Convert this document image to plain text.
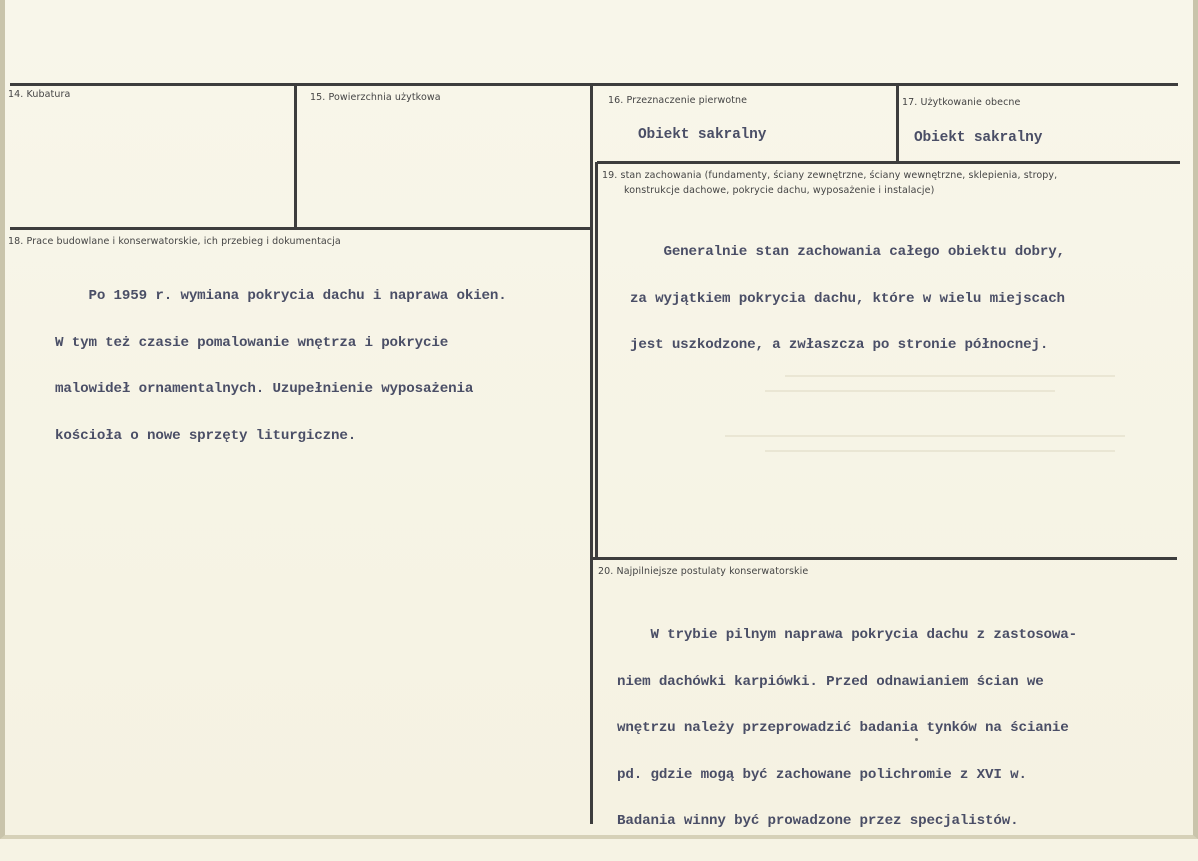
14. Kubatura	15. Powierzchnia użytkowa	16. Przeznaczenie pierwotne
Obiekt sakralny
17. Użytkowanie obecne
Obiekt sakralny
18. Prace budowlane i konserwatorskie, ich przebieg i dokumentacja

Po 1959 r. wymiana pokrycia dachu i naprawa okien.

W tym też czasie pomalowanie wnętrza i pokrycie

malowideł ornamentalnych. Uzupełnienie wyposażenia

kościoła o nowe sprzęty liturgiczne.

19. stan zachowania (fundamenty, ściany zewnętrzne, ściany wewnętrzne, sklepienia, stropy,
konstrukcje dachowe, pokrycie dachu, wyposażenie i instalacje)

Generalnie stan zachowania całego obiektu dobry,

za wyjątkiem pokrycia dachu, które w wielu miejscach

jest uszkodzone, a zwłaszcza po stronie północnej.

20. Najpilniejsze postulaty konserwatorskie

W trybie pilnym naprawa pokrycia dachu z zastosowa-

niem dachówki karpiówki. Przed odnawianiem ścian we

wnętrzu należy przeprowadzić badania tynków na ścianie

pd. gdzie mogą być zachowane polichromie z XVI w.

Badania winny być prowadzone przez specjalistów.
